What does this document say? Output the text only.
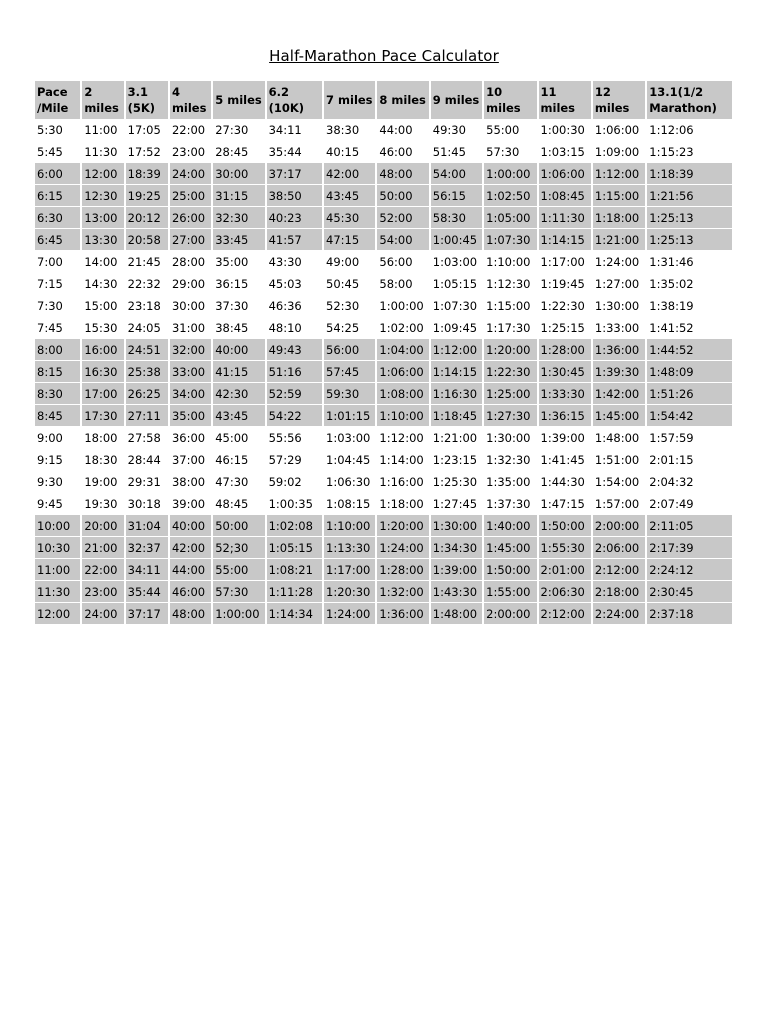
Half-Marathon Pace Calculator
Pace /Mile	2 miles	3.1 (5K)	4 miles	5 miles	6.2 (10K)	7 miles	8 miles	9 miles	10 miles	11 miles	12 miles	13.1(1/2 Marathon)
5:30	11:00	17:05	22:00	27:30	34:11	38:30	44:00	49:30	55:00	1:00:30	1:06:00	1:12:06
5:45	11:30	17:52	23:00	28:45	35:44	40:15	46:00	51:45	57:30	1:03:15	1:09:00	1:15:23
6:00	12:00	18:39	24:00	30:00	37:17	42:00	48:00	54:00	1:00:00	1:06:00	1:12:00	1:18:39
6:15	12:30	19:25	25:00	31:15	38:50	43:45	50:00	56:15	1:02:50	1:08:45	1:15:00	1:21:56
6:30	13:00	20:12	26:00	32:30	40:23	45:30	52:00	58:30	1:05:00	1:11:30	1:18:00	1:25:13
6:45	13:30	20:58	27:00	33:45	41:57	47:15	54:00	1:00:45	1:07:30	1:14:15	1:21:00	1:25:13
7:00	14:00	21:45	28:00	35:00	43:30	49:00	56:00	1:03:00	1:10:00	1:17:00	1:24:00	1:31:46
7:15	14:30	22:32	29:00	36:15	45:03	50:45	58:00	1:05:15	1:12:30	1:19:45	1:27:00	1:35:02
7:30	15:00	23:18	30:00	37:30	46:36	52:30	1:00:00	1:07:30	1:15:00	1:22:30	1:30:00	1:38:19
7:45	15:30	24:05	31:00	38:45	48:10	54:25	1:02:00	1:09:45	1:17:30	1:25:15	1:33:00	1:41:52
8:00	16:00	24:51	32:00	40:00	49:43	56:00	1:04:00	1:12:00	1:20:00	1:28:00	1:36:00	1:44:52
8:15	16:30	25:38	33:00	41:15	51:16	57:45	1:06:00	1:14:15	1:22:30	1:30:45	1:39:30	1:48:09
8:30	17:00	26:25	34:00	42:30	52:59	59:30	1:08:00	1:16:30	1:25:00	1:33:30	1:42:00	1:51:26
8:45	17:30	27:11	35:00	43:45	54:22	1:01:15	1:10:00	1:18:45	1:27:30	1:36:15	1:45:00	1:54:42
9:00	18:00	27:58	36:00	45:00	55:56	1:03:00	1:12:00	1:21:00	1:30:00	1:39:00	1:48:00	1:57:59
9:15	18:30	28:44	37:00	46:15	57:29	1:04:45	1:14:00	1:23:15	1:32:30	1:41:45	1:51:00	2:01:15
9:30	19:00	29:31	38:00	47:30	59:02	1:06:30	1:16:00	1:25:30	1:35:00	1:44:30	1:54:00	2:04:32
9:45	19:30	30:18	39:00	48:45	1:00:35	1:08:15	1:18:00	1:27:45	1:37:30	1:47:15	1:57:00	2:07:49
10:00	20:00	31:04	40:00	50:00	1:02:08	1:10:00	1:20:00	1:30:00	1:40:00	1:50:00	2:00:00	2:11:05
10:30	21:00	32:37	42:00	52;30	1:05:15	1:13:30	1:24:00	1:34:30	1:45:00	1:55:30	2:06:00	2:17:39
11:00	22:00	34:11	44:00	55:00	1:08:21	1:17:00	1:28:00	1:39:00	1:50:00	2:01:00	2:12:00	2:24:12
11:30	23:00	35:44	46:00	57:30	1:11:28	1:20:30	1:32:00	1:43:30	1:55:00	2:06:30	2:18:00	2:30:45
12:00	24:00	37:17	48:00	1:00:00	1:14:34	1:24:00	1:36:00	1:48:00	2:00:00	2:12:00	2:24:00	2:37:18
